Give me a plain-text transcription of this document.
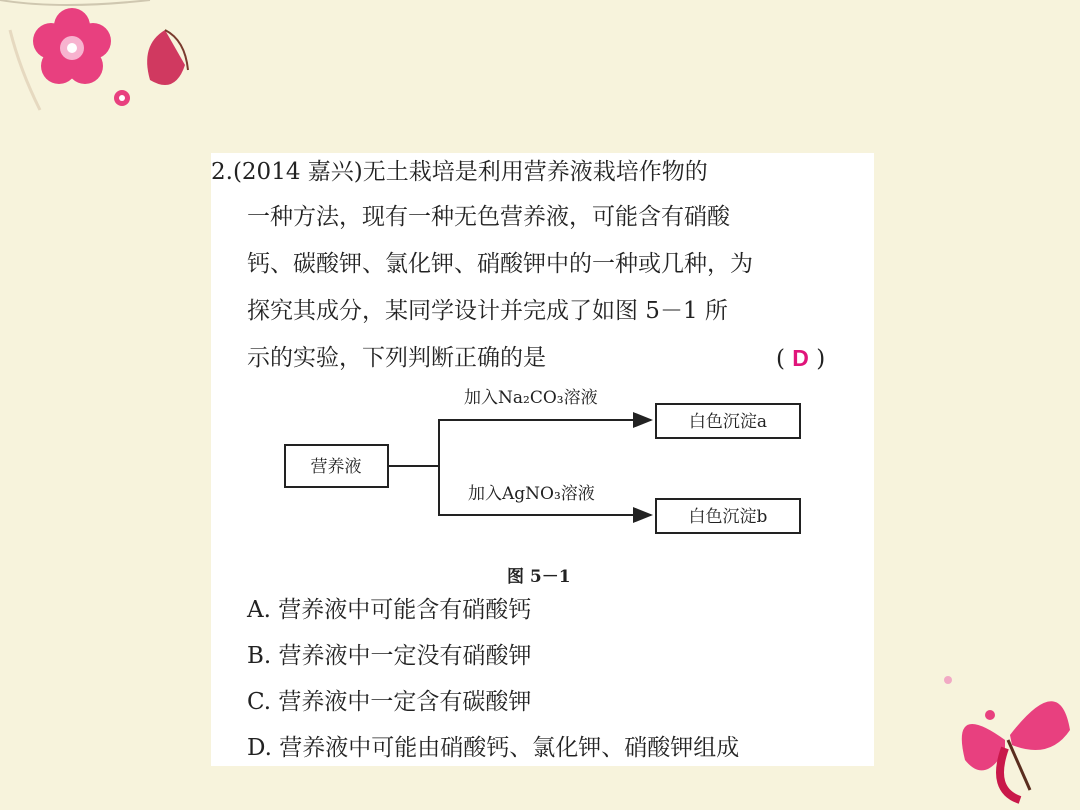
2.(2014 嘉兴)无土栽培是利用营养液栽培作物的
一种方法，现有一种无色营养液，可能含有硝酸
钙、碳酸钾、氯化钾、硝酸钾中的一种或几种，为
探究其成分，某同学设计并完成了如图 5－1 所
示的实验，下列判断正确的是	( D )
营养液
加入Na₂CO₃溶液
加入AgNO₃溶液
白色沉淀a
白色沉淀b
图 5－1
A. 营养液中可能含有硝酸钙
B. 营养液中一定没有硝酸钾
C. 营养液中一定含有碳酸钾
D. 营养液中可能由硝酸钙、氯化钾、硝酸钾组成
